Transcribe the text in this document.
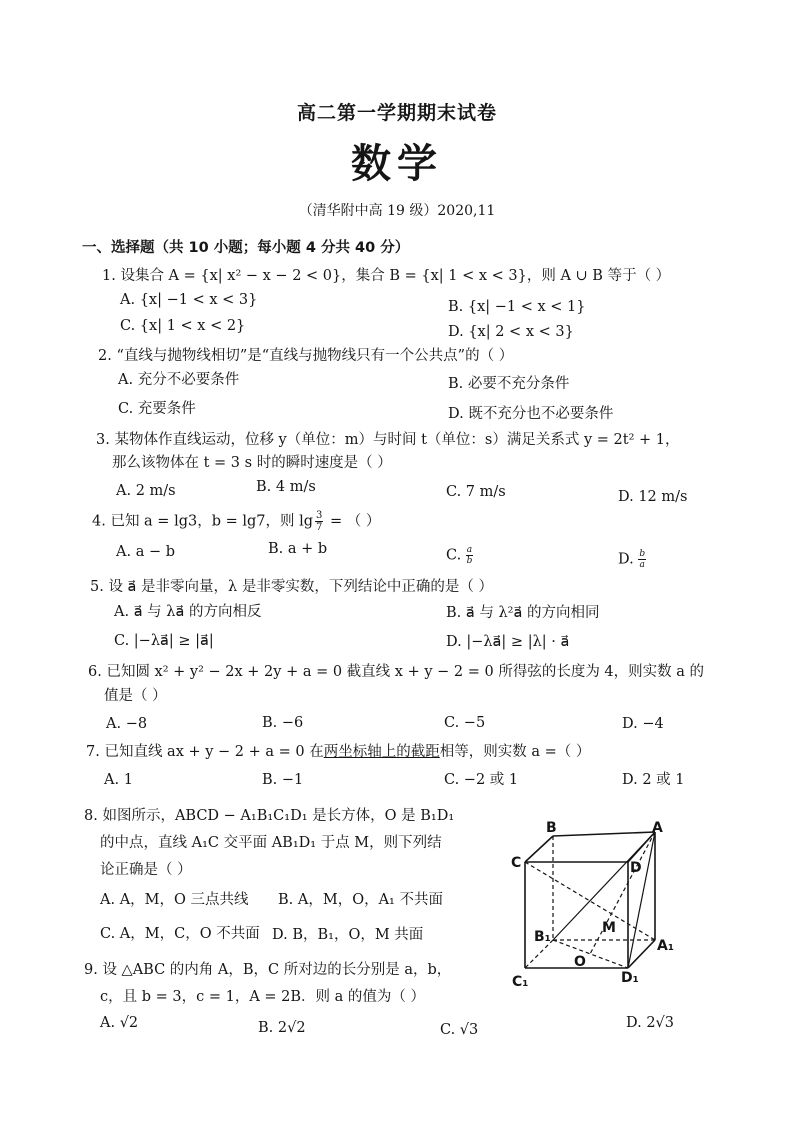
高二第一学期期末试卷
数学
（清华附中高 19 级）2020,11
一、选择题（共 10 小题；每小题 4 分共 40 分）
1. 设集合 A = {x| x² − x − 2 < 0}，集合 B = {x| 1 < x < 3}，则 A ∪ B 等于（ ）
A. {x| −1 < x < 3}	B. {x| −1 < x < 1}
C. {x| 1 < x < 2}	D. {x| 2 < x < 3}
2. “直线与抛物线相切”是“直线与抛物线只有一个公共点”的（ ）
A. 充分不必要条件	B. 必要不充分条件
C. 充要条件	D. 既不充分也不必要条件
3. 某物体作直线运动，位移 y（单位：m）与时间 t（单位：s）满足关系式 y = 2t² + 1，
那么该物体在 t = 3 s 时的瞬时速度是（ ）
A. 2 m/s	B. 4 m/s	C. 7 m/s	D. 12 m/s
4. 已知 a = lg3，b = lg7，则 $\lg \frac{3}{7}$ = （ ）
A. a − b	B. a + b	C. $\frac{a}{b}$	D. $\frac{b}{a}$
5. 设 a⃗ 是非零向量，λ 是非零实数，下列结论中正确的是（ ）
A. a⃗ 与 λa⃗ 的方向相反	B. a⃗ 与 λ²a⃗ 的方向相同
C. |−λa⃗| ≥ |a⃗|	D. |−λa⃗| ≥ |λ| · a⃗
6. 已知圆 x² + y² − 2x + 2y + a = 0 截直线 x + y − 2 = 0 所得弦的长度为 4，则实数 a 的
值是（ ）
A. −8	B. −6	C. −5	D. −4
7. 已知直线 ax + y − 2 + a = 0 在两坐标轴上的截距相等，则实数 a =（ ）
A. 1	B. −1	C. −2 或 1	D. 2 或 1
8. 如图所示，ABCD − A₁B₁C₁D₁ 是长方体，O 是 B₁D₁
的中点，直线 A₁C 交平面 AB₁D₁ 于点 M，则下列结
论正确是（ ）
A. A，M，O 三点共线 B. A，M，O，A₁ 不共面
C. A，M，C，O 不共面 D. B，B₁，O，M 共面
9. 设 △ABC 的内角 A，B，C 所对边的长分别是 a，b，
c，且 b = 3，c = 1，A = 2B．则 a 的值为（ ）
A. √2	B. 2√2	C. √3	D. 2√3
B	A
C	D
M
B₁
A₁
O
C₁	D₁
